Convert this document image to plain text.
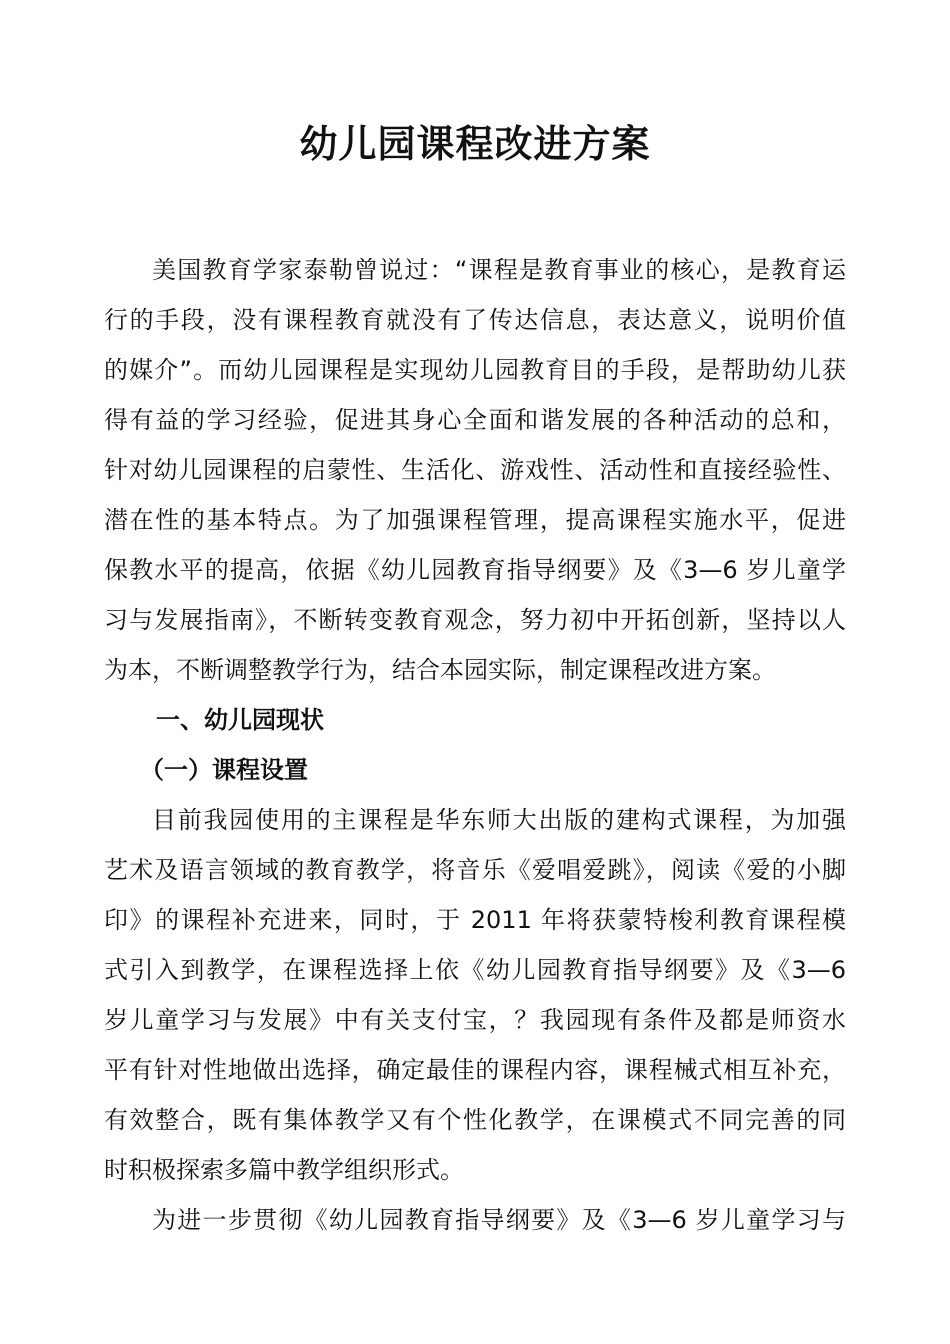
幼儿园课程改进方案
美国教育学家泰勒曾说过：“课程是教育事业的核心，是教育运
行的手段，没有课程教育就没有了传达信息，表达意义，说明价值
的媒介”。而幼儿园课程是实现幼儿园教育目的手段，是帮助幼儿获
得有益的学习经验，促进其身心全面和谐发展的各种活动的总和，
针对幼儿园课程的启蒙性、生活化、游戏性、活动性和直接经验性、
潜在性的基本特点。为了加强课程管理，提高课程实施水平，促进
保教水平的提高，依据《幼儿园教育指导纲要》及《3—6 岁儿童学
习与发展指南》，不断转变教育观念，努力初中开拓创新，坚持以人
为本，不断调整教学行为，结合本园实际，制定课程改进方案。
一、幼儿园现状
（一）课程设置
目前我园使用的主课程是华东师大出版的建构式课程，为加强
艺术及语言领域的教育教学，将音乐《爱唱爱跳》，阅读《爱的小脚
印》的课程补充进来，同时，于 2011 年将获蒙特梭利教育课程模
式引入到教学，在课程选择上依《幼儿园教育指导纲要》及《3—6
岁儿童学习与发展》中有关支付宝，？我园现有条件及都是师资水
平有针对性地做出选择，确定最佳的课程内容，课程械式相互补充，
有效整合，既有集体教学又有个性化教学，在课模式不同完善的同
时积极探索多篇中教学组织形式。
为进一步贯彻《幼儿园教育指导纲要》及《3—6 岁儿童学习与
